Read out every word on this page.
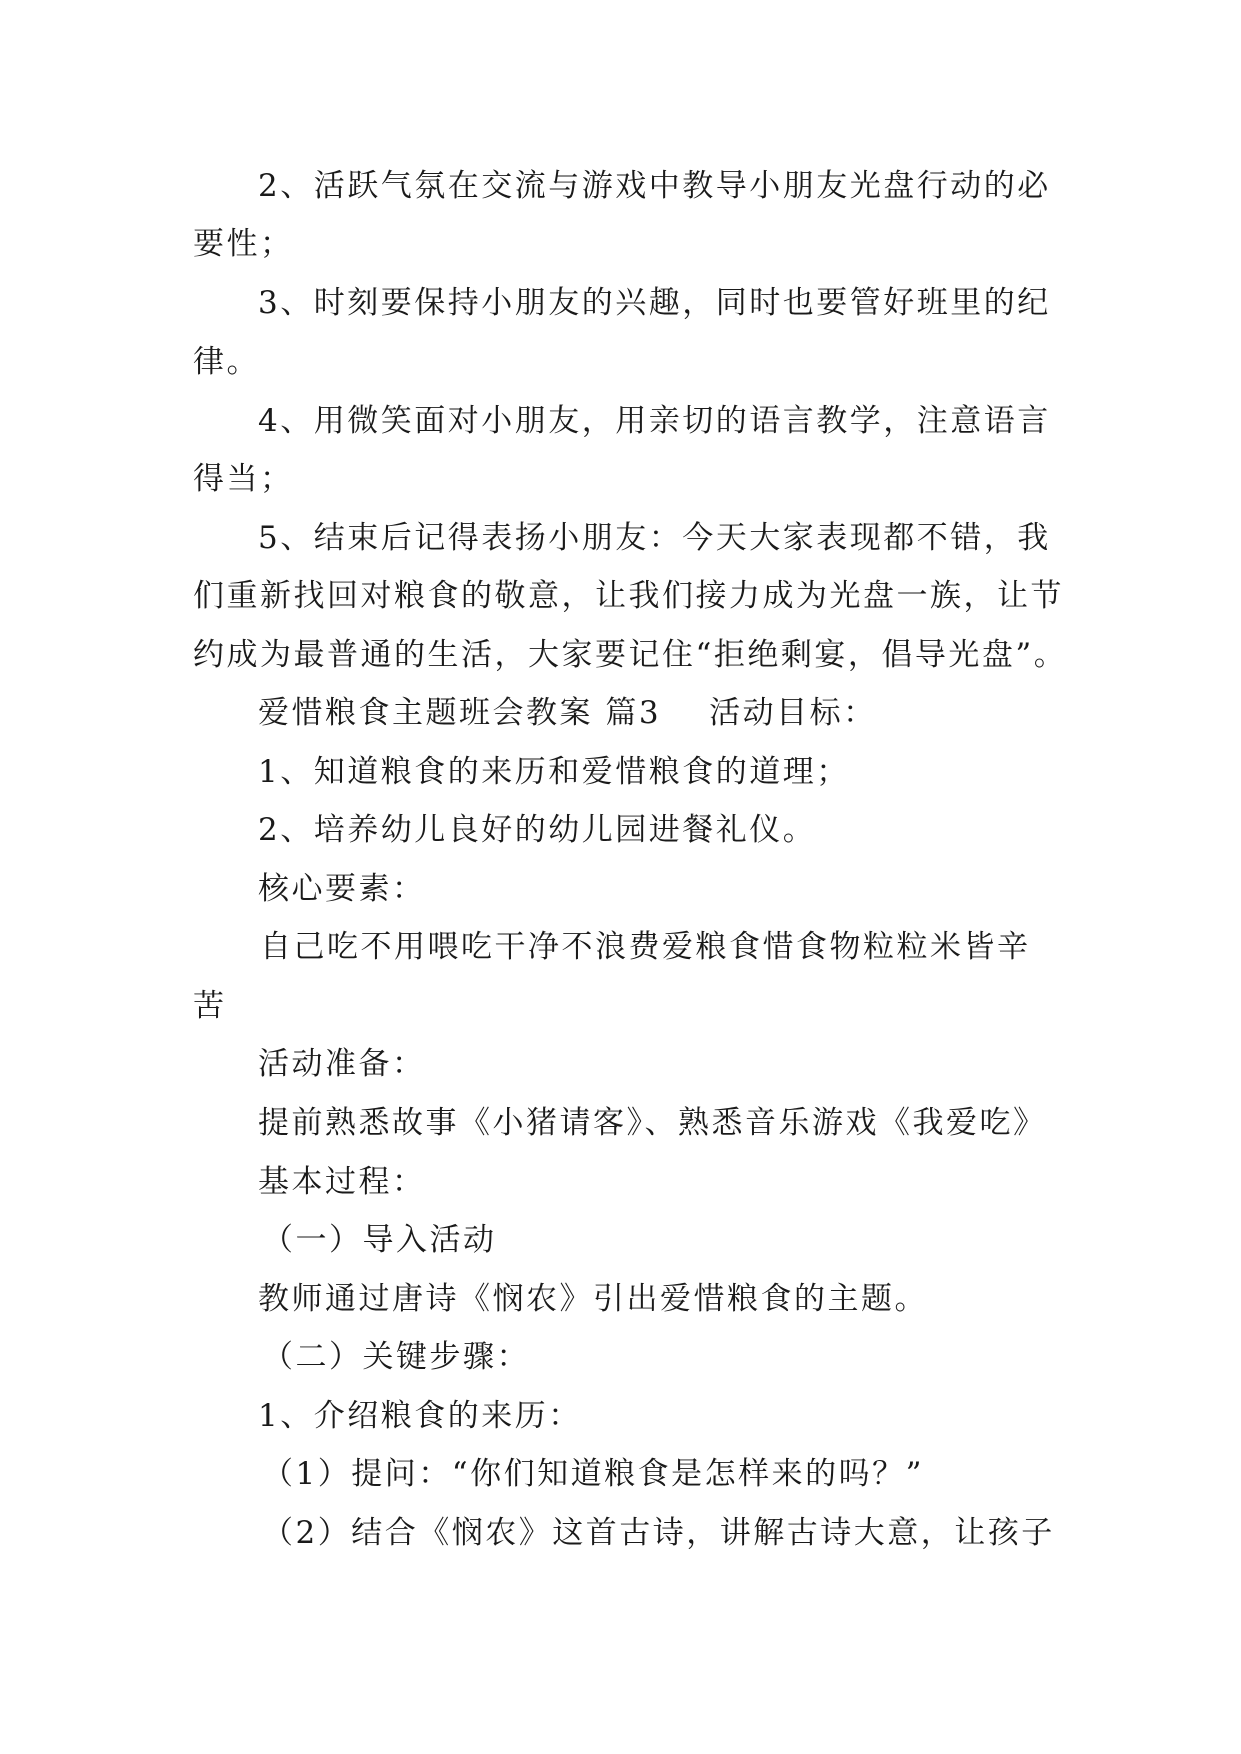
2、活跃气氛在交流与游戏中教导小朋友光盘行动的必
要性；
3、时刻要保持小朋友的兴趣，同时也要管好班里的纪
律。
4、用微笑面对小朋友，用亲切的语言教学，注意语言
得当；
5、结束后记得表扬小朋友：今天大家表现都不错，我
们重新找回对粮食的敬意，让我们接力成为光盘一族，让节
约成为最普通的生活，大家要记住“拒绝剩宴，倡导光盘”。
爱惜粮食主题班会教案 篇3 活动目标：
1、知道粮食的来历和爱惜粮食的道理；
2、培养幼儿良好的幼儿园进餐礼仪。
核心要素：
自己吃不用喂吃干净不浪费爱粮食惜食物粒粒米皆辛
苦
活动准备：
提前熟悉故事《小猪请客》、熟悉音乐游戏《我爱吃》
基本过程：
（一）导入活动
教师通过唐诗《悯农》引出爱惜粮食的主题。
（二）关键步骤：
1、介绍粮食的来历：
（1）提问：“你们知道粮食是怎样来的吗？”
（2）结合《悯农》这首古诗，讲解古诗大意，让孩子
